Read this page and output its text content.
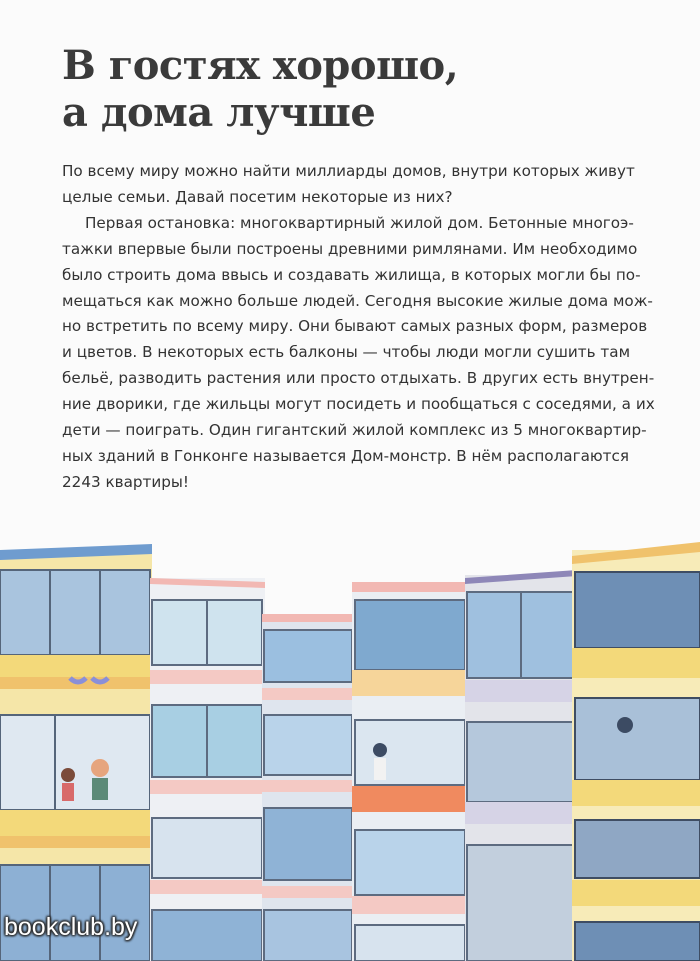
В гостях хорошо,
а дома лучше

По всему миру можно найти миллиарды домов, внутри которых живут
целые семьи. Давай посетим некоторые из них?

Первая остановка: многоквартирный жилой дом. Бетонные многоэ-
тажки впервые были построены древними римлянами. Им необходимо
было строить дома ввысь и создавать жилища, в которых могли бы по-
мещаться как можно больше людей. Сегодня высокие жилые дома мож-
но встретить по всему миру. Они бывают самых разных форм, размеров
и цветов. В некоторых есть балконы — чтобы люди могли сушить там
бельё, разводить растения или просто отдыхать. В других есть внутрен-
ние дворики, где жильцы могут посидеть и пообщаться с соседями, а их
дети — поиграть. Один гигантский жилой комплекс из 5 многоквартир-
ных зданий в Гонконге называется Дом-монстр. В нём располагаются
2243 квартиры!

bookclub.by
